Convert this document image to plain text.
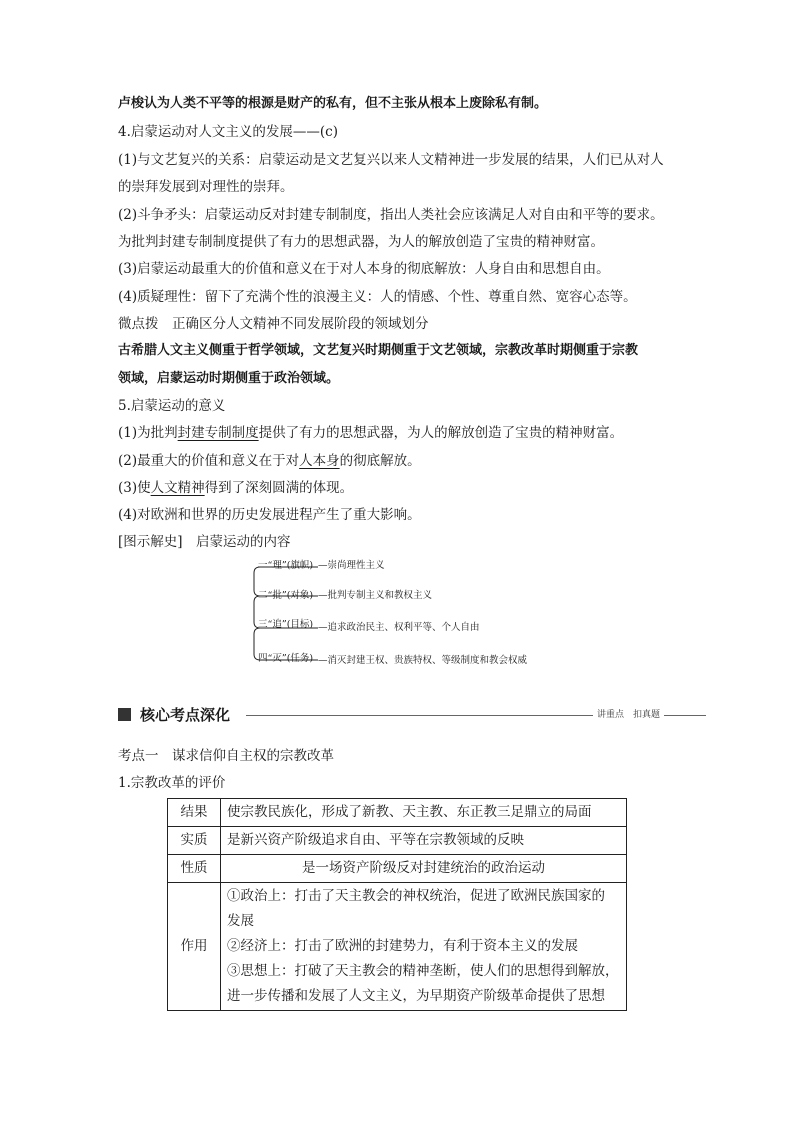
卢梭认为人类不平等的根源是财产的私有，但不主张从根本上废除私有制。
4.启蒙运动对人文主义的发展——(c)
(1)与文艺复兴的关系：启蒙运动是文艺复兴以来人文精神进一步发展的结果，人们已从对人
的崇拜发展到对理性的崇拜。
(2)斗争矛头：启蒙运动反对封建专制制度，指出人类社会应该满足人对自由和平等的要求。
为批判封建专制制度提供了有力的思想武器，为人的解放创造了宝贵的精神财富。
(3)启蒙运动最重大的价值和意义在于对人本身的彻底解放：人身自由和思想自由。
(4)质疑理性：留下了充满个性的浪漫主义：人的情感、个性、尊重自然、宽容心态等。
微点拨　正确区分人文精神不同发展阶段的领域划分
古希腊人文主义侧重于哲学领域，文艺复兴时期侧重于文艺领域，宗教改革时期侧重于宗教
领域，启蒙运动时期侧重于政治领域。
5.启蒙运动的意义
(1)为批判封建专制制度提供了有力的思想武器，为人的解放创造了宝贵的精神财富。
(2)最重大的价值和意义在于对人本身的彻底解放。
(3)使人文精神得到了深刻圆满的体现。
(4)对欧洲和世界的历史发展进程产生了重大影响。
[图示解史]　启蒙运动的内容
一“理”(旗帜) —崇尚理性主义
二“批”(对象) —批判专制主义和教权主义
三“追”(目标) —追求政治民主、权利平等、个人自由
四“灭”(任务) —消灭封建王权、贵族特权、等级制度和教会权威
核心考点深化	讲重点　扣真题
考点一　谋求信仰自主权的宗教改革
1.宗教改革的评价
结果	使宗教民族化，形成了新教、天主教、东正教三足鼎立的局面
实质	是新兴资产阶级追求自由、平等在宗教领域的反映
性质	是一场资产阶级反对封建统治的政治运动
作用	①政治上：打击了天主教会的神权统治，促进了欧洲民族国家的
发展
②经济上：打击了欧洲的封建势力，有利于资本主义的发展
③思想上：打破了天主教会的精神垄断，使人们的思想得到解放，
进一步传播和发展了人文主义，为早期资产阶级革命提供了思想
